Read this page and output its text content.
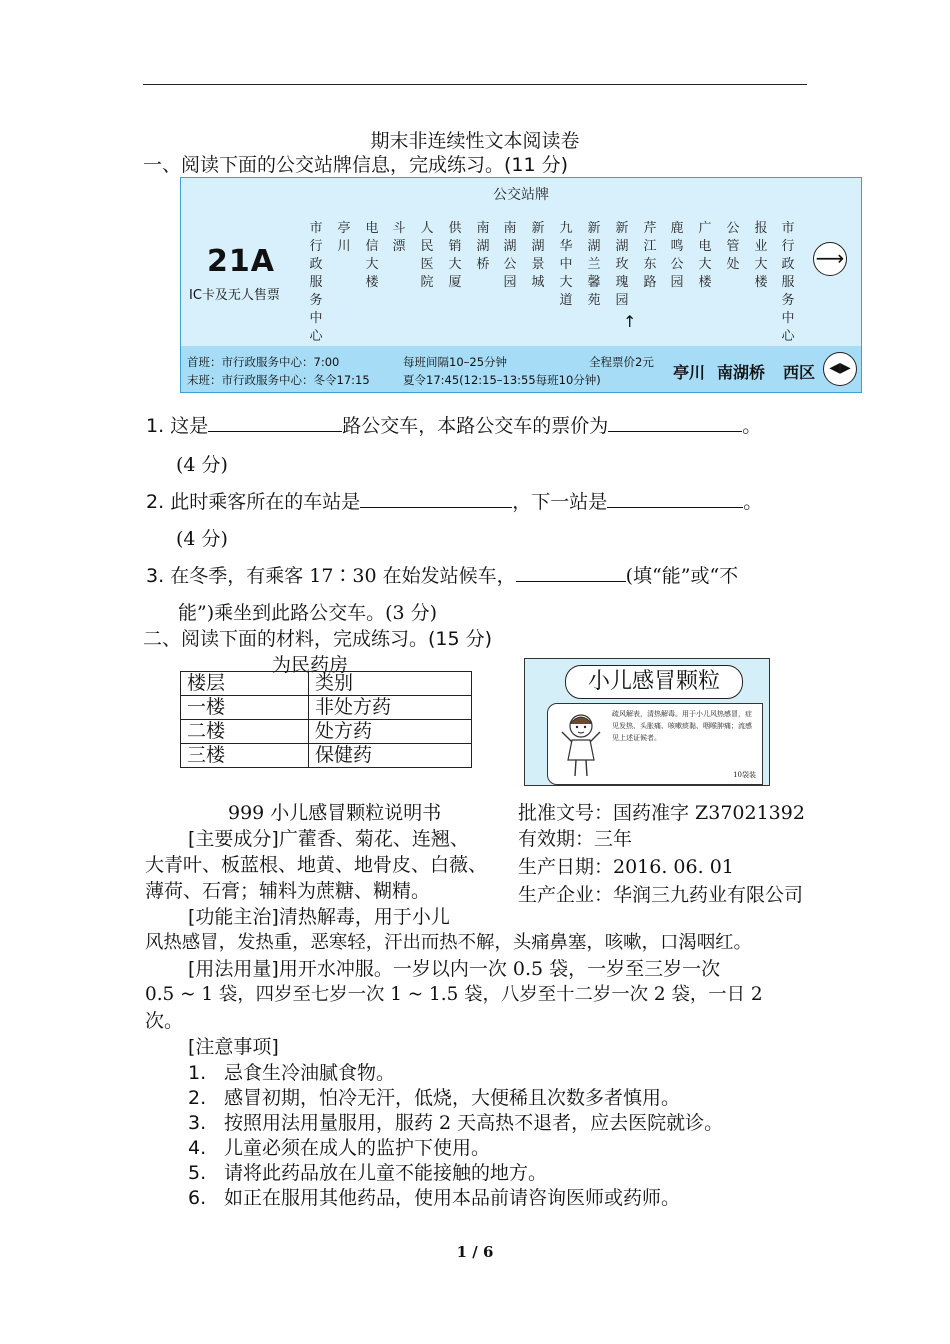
期末非连续性文本阅读卷
一、阅读下面的公交站牌信息，完成练习。(11 分)
公交站牌
21A
IC卡及无人售票
市行政服务中心
亭川
电信大楼
斗漂
人民医院
供销大厦
南湖桥
南湖公园
新湖景城
九华中大道
新湖兰馨苑
新湖玫瑰园
芹江东路
鹿鸣公园
广电大楼
公管处
报业大楼
市行政服务中心
↑
⟶
首班：市行政服务中心：7:00
末班：市行政服务中心：冬令17:15
每班间隔10–25分钟
夏令17:45(12:15–13:55每班10分钟)
全程票价2元
亭川 南湖桥 西区	◀▶
1. 这是	路公交车，本路公交车的票价为	。
(4 分)
2. 此时乘客所在的车站是	，下一站是	。
(4 分)
3. 在冬季，有乘客 17∶30 在始发站候车，	(填“能”或“不
能”)乘坐到此路公交车。(3 分)
二、阅读下面的材料，完成练习。(15 分)
为民药房
楼层	类别
一楼	非处方药
二楼	处方药
三楼	保健药
小儿感冒颗粒
疏风解表，清热解毒。用于小儿风热感冒，症见发热、头胀痛、咳嗽痰黏、咽喉肿痛；流感见上述证候者。
10袋装
999 小儿感冒颗粒说明书	批准文号：国药准字 Z37021392
有效期：三年
生产日期：2016. 06. 01
生产企业：华润三九药业有限公司
[主要成分]广藿香、菊花、连翘、
大青叶、板蓝根、地黄、地骨皮、白薇、
薄荷、石膏；辅料为蔗糖、糊精。
[功能主治]清热解毒，用于小儿
风热感冒，发热重，恶寒轻，汗出而热不解，头痛鼻塞，咳嗽，口渴咽红。
[用法用量]用开水冲服。一岁以内一次 0.5 袋，一岁至三岁一次
0.5 ~ 1 袋，四岁至七岁一次 1 ~ 1.5 袋，八岁至十二岁一次 2 袋，一日 2
次。
[注意事项]
1. 忌食生冷油腻食物。
2. 感冒初期，怕冷无汗，低烧，大便稀且次数多者慎用。
3. 按照用法用量服用，服药 2 天高热不退者，应去医院就诊。
4. 儿童必须在成人的监护下使用。
5. 请将此药品放在儿童不能接触的地方。
6. 如正在服用其他药品，使用本品前请咨询医师或药师。
1 / 6
